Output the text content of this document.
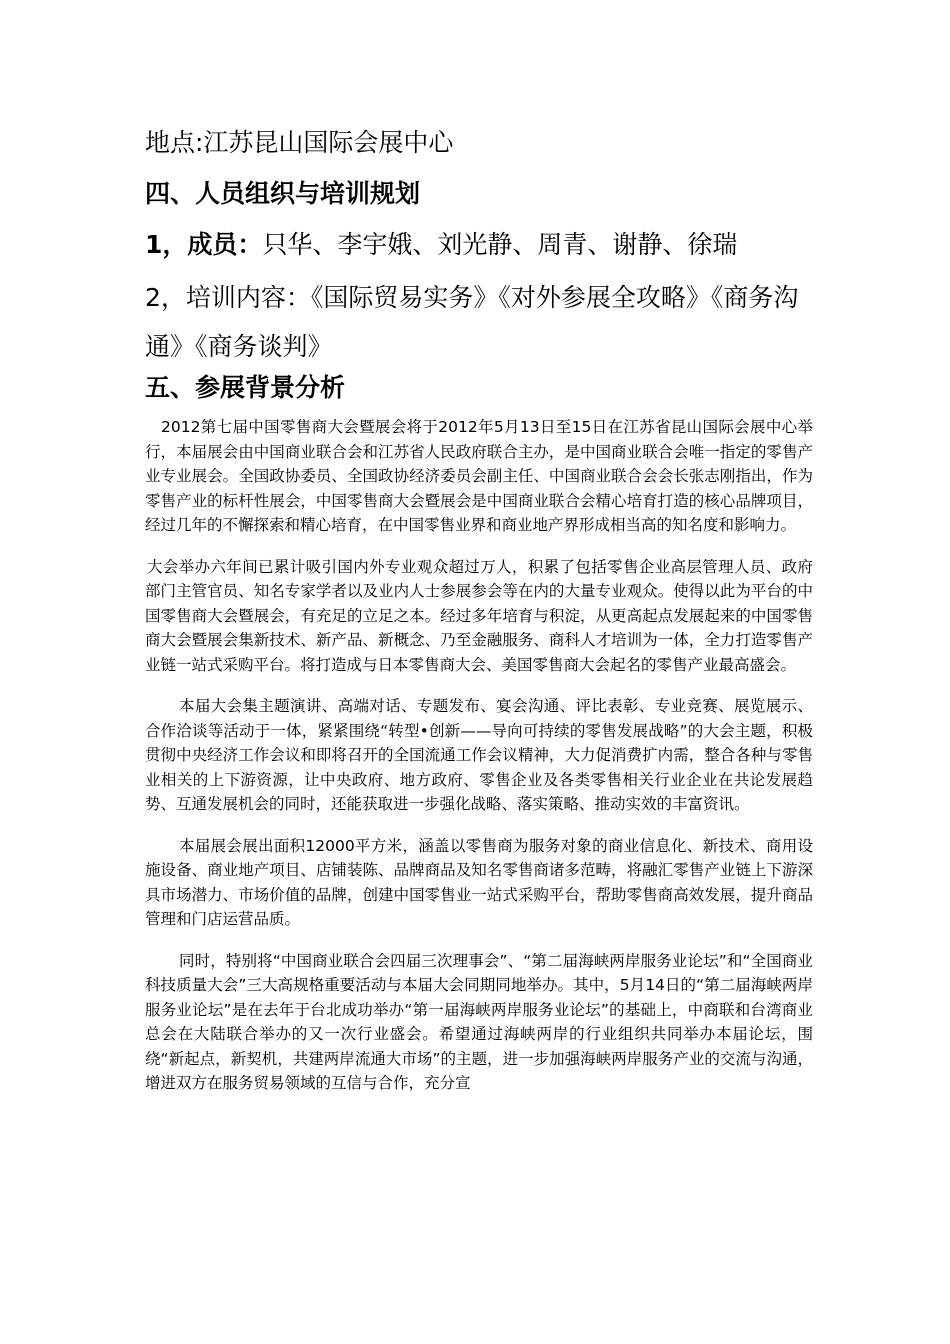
地点:江苏昆山国际会展中心

四、人员组织与培训规划

1，成员：只华、李宇娥、刘光静、周青、谢静、徐瑞

2，培训内容：《国际贸易实务》《对外参展全攻略》《商务沟通》《商务谈判》

五、参展背景分析

2012第七届中国零售商大会暨展会将于2012年5月13日至15日在江苏省昆山国际会展中心举行，本届展会由中国商业联合会和江苏省人民政府联合主办，是中国商业联合会唯一指定的零售产业专业展会。全国政协委员、全国政协经济委员会副主任、中国商业联合会会长张志刚指出，作为零售产业的标杆性展会，中国零售商大会暨展会是中国商业联合会精心培育打造的核心品牌项目，经过几年的不懈探索和精心培育，在中国零售业界和商业地产界形成相当高的知名度和影响力。

大会举办六年间已累计吸引国内外专业观众超过万人，积累了包括零售企业高层管理人员、政府部门主管官员、知名专家学者以及业内人士参展参会等在内的大量专业观众。使得以此为平台的中国零售商大会暨展会，有充足的立足之本。经过多年培育与积淀，从更高起点发展起来的中国零售商大会暨展会集新技术、新产品、新概念、乃至金融服务、商科人才培训为一体，全力打造零售产业链一站式采购平台。将打造成与日本零售商大会、美国零售商大会起名的零售产业最高盛会。

本届大会集主题演讲、高端对话、专题发布、宴会沟通、评比表彰、专业竞赛、展览展示、合作洽谈等活动于一体，紧紧围绕“转型•创新——导向可持续的零售发展战略”的大会主题，积极贯彻中央经济工作会议和即将召开的全国流通工作会议精神，大力促消费扩内需，整合各种与零售业相关的上下游资源，让中央政府、地方政府、零售企业及各类零售相关行业企业在共论发展趋势、互通发展机会的同时，还能获取进一步强化战略、落实策略、推动实效的丰富资讯。

本届展会展出面积12000平方米，涵盖以零售商为服务对象的商业信息化、新技术、商用设施设备、商业地产项目、店铺装陈、品牌商品及知名零售商诸多范畴，将融汇零售产业链上下游深具市场潜力、市场价值的品牌，创建中国零售业一站式采购平台，帮助零售商高效发展，提升商品管理和门店运营品质。

同时，特别将“中国商业联合会四届三次理事会”、“第二届海峡两岸服务业论坛”和“全国商业科技质量大会”三大高规格重要活动与本届大会同期同地举办。其中，5月14日的“第二届海峡两岸服务业论坛”是在去年于台北成功举办“第一届海峡两岸服务业论坛”的基础上，中商联和台湾商业总会在大陆联合举办的又一次行业盛会。希望通过海峡两岸的行业组织共同举办本届论坛，围绕“新起点，新契机，共建两岸流通大市场”的主题，进一步加强海峡两岸服务产业的交流与沟通，增进双方在服务贸易领域的互信与合作，充分宣
